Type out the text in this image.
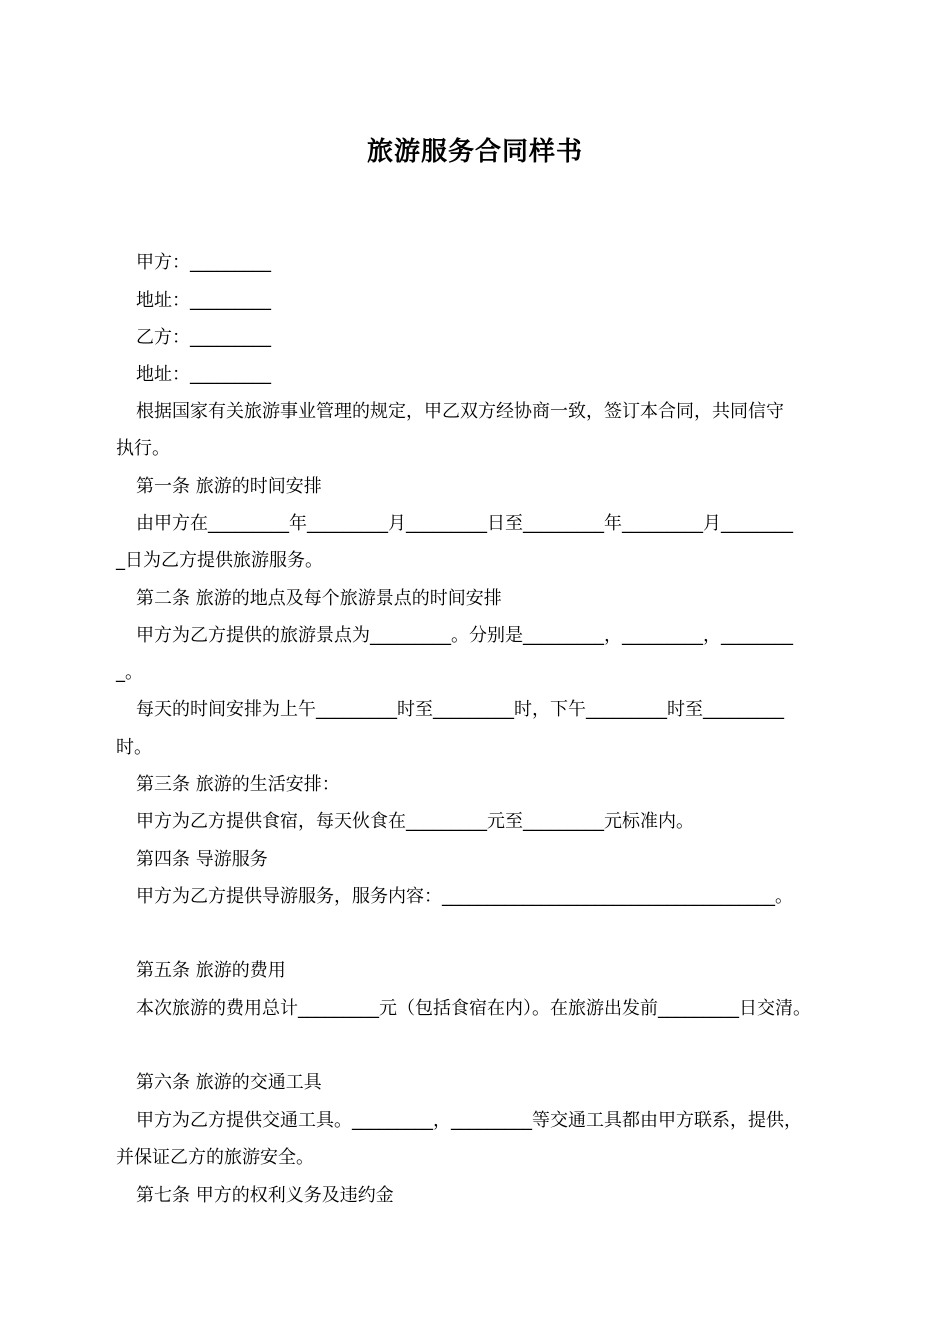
旅游服务合同样书
甲方：_________
地址：_________
乙方：_________
地址：_________
根据国家有关旅游事业管理的规定，甲乙双方经协商一致，签订本合同，共同信守
执行。
第一条 旅游的时间安排
由甲方在_________年_________月_________日至_________年_________月________
_日为乙方提供旅游服务。
第二条 旅游的地点及每个旅游景点的时间安排
甲方为乙方提供的旅游景点为_________。分别是_________，_________，________
_。
每天的时间安排为上午_________时至_________时，下午_________时至_________
时。
第三条 旅游的生活安排：
甲方为乙方提供食宿，每天伙食在_________元至_________元标准内。
第四条 导游服务
甲方为乙方提供导游服务，服务内容：_____________________________________。
第五条 旅游的费用
本次旅游的费用总计_________元（包括食宿在内）。在旅游出发前_________日交清。
第六条 旅游的交通工具
甲方为乙方提供交通工具。_________，_________等交通工具都由甲方联系，提供，
并保证乙方的旅游安全。
第七条 甲方的权利义务及违约金
